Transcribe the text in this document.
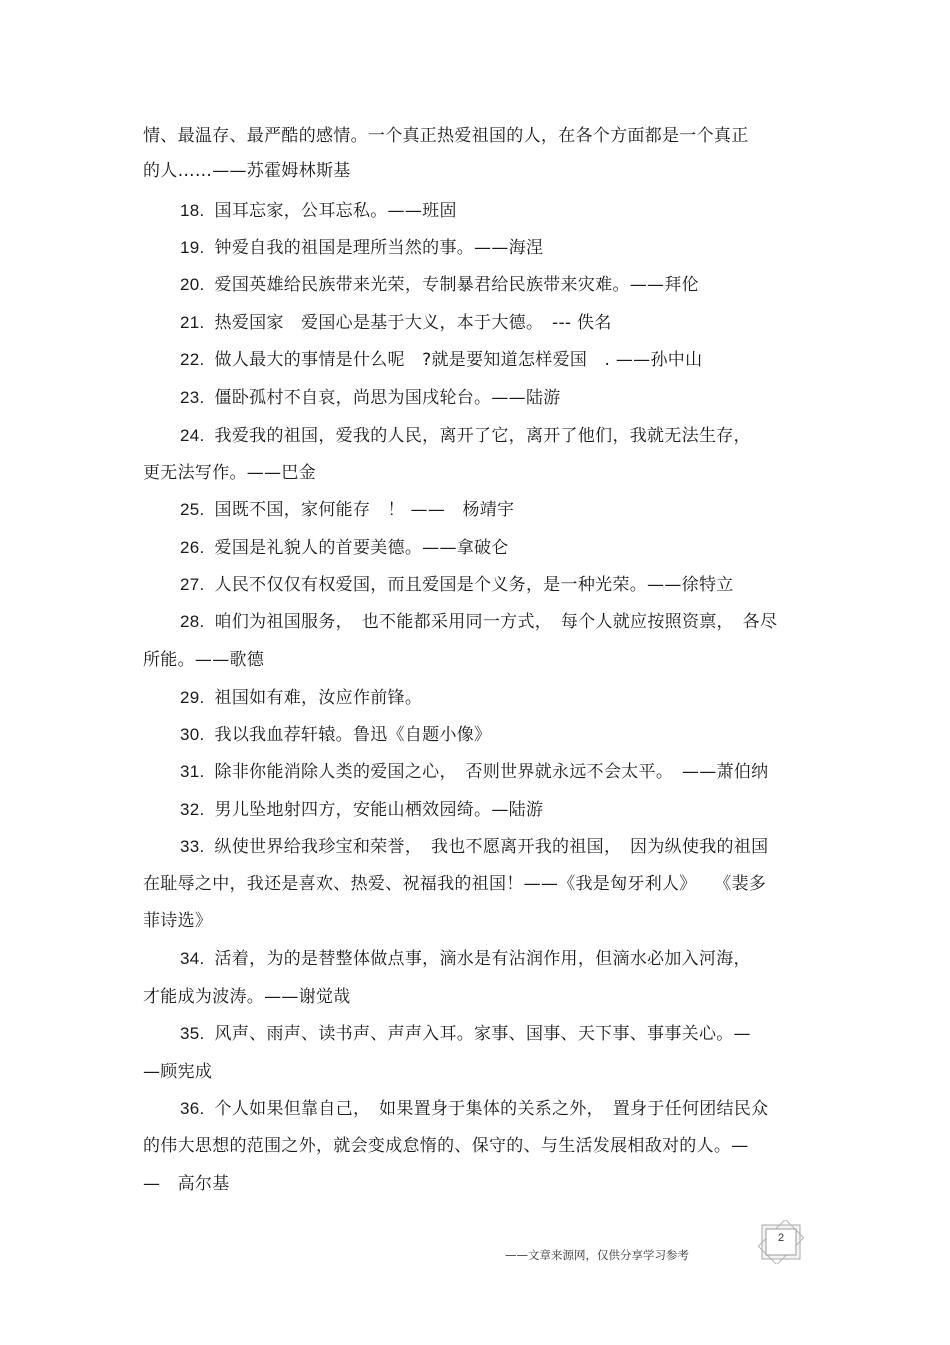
情、最温存、最严酷的感情。一个真正热爱祖国的人，在各个方面都是一个真正
的人……——苏霍姆林斯基
18. 国耳忘家，公耳忘私。——班固
19. 钟爱自我的祖国是理所当然的事。——海涅
20. 爱国英雄给民族带来光荣，专制暴君给民族带来灾难。——拜伦
21. 热爱国家　爱国心是基于大义，本于大德。　--- 佚名
22. 做人最大的事情是什么呢　?就是要知道怎样爱国　. ——孙中山
23. 僵卧孤村不自哀，尚思为国戌轮台。——陆游
24. 我爱我的祖国，爱我的人民，离开了它，离开了他们，我就无法生存，
更无法写作。——巴金
25. 国既不国，家何能存　！ ——　杨靖宇
26. 爱国是礼貌人的首要美德。——拿破仑
27. 人民不仅仅有权爱国，而且爱国是个义务，是一种光荣。——徐特立
28. 咱们为祖国服务，　也不能都采用同一方式，　每个人就应按照资禀，　各尽
所能。——歌德
29. 祖国如有难，汝应作前锋。
30. 我以我血荐轩辕。鲁迅《自题小像》
31. 除非你能消除人类的爱国之心，　否则世界就永远不会太平。　——萧伯纳
32. 男儿坠地射四方，安能山栖效园绮。—陆游
33. 纵使世界给我珍宝和荣誉，　我也不愿离开我的祖国，　因为纵使我的祖国
在耻辱之中，我还是喜欢、热爱、祝福我的祖国！——《我是匈牙利人》　　《裴多
菲诗选》
34. 活着，为的是替整体做点事，滴水是有沾润作用，但滴水必加入河海，
才能成为波涛。——谢觉哉
35. 风声、雨声、读书声、声声入耳。家事、国事、天下事、事事关心。—
—顾宪成
36. 个人如果但靠自己，　如果置身于集体的关系之外，　置身于任何团结民众
的伟大思想的范围之外，就会变成怠惰的、保守的、与生活发展相敌对的人。—
—　高尔基
——文章来源网，仅供分享学习参考
2
